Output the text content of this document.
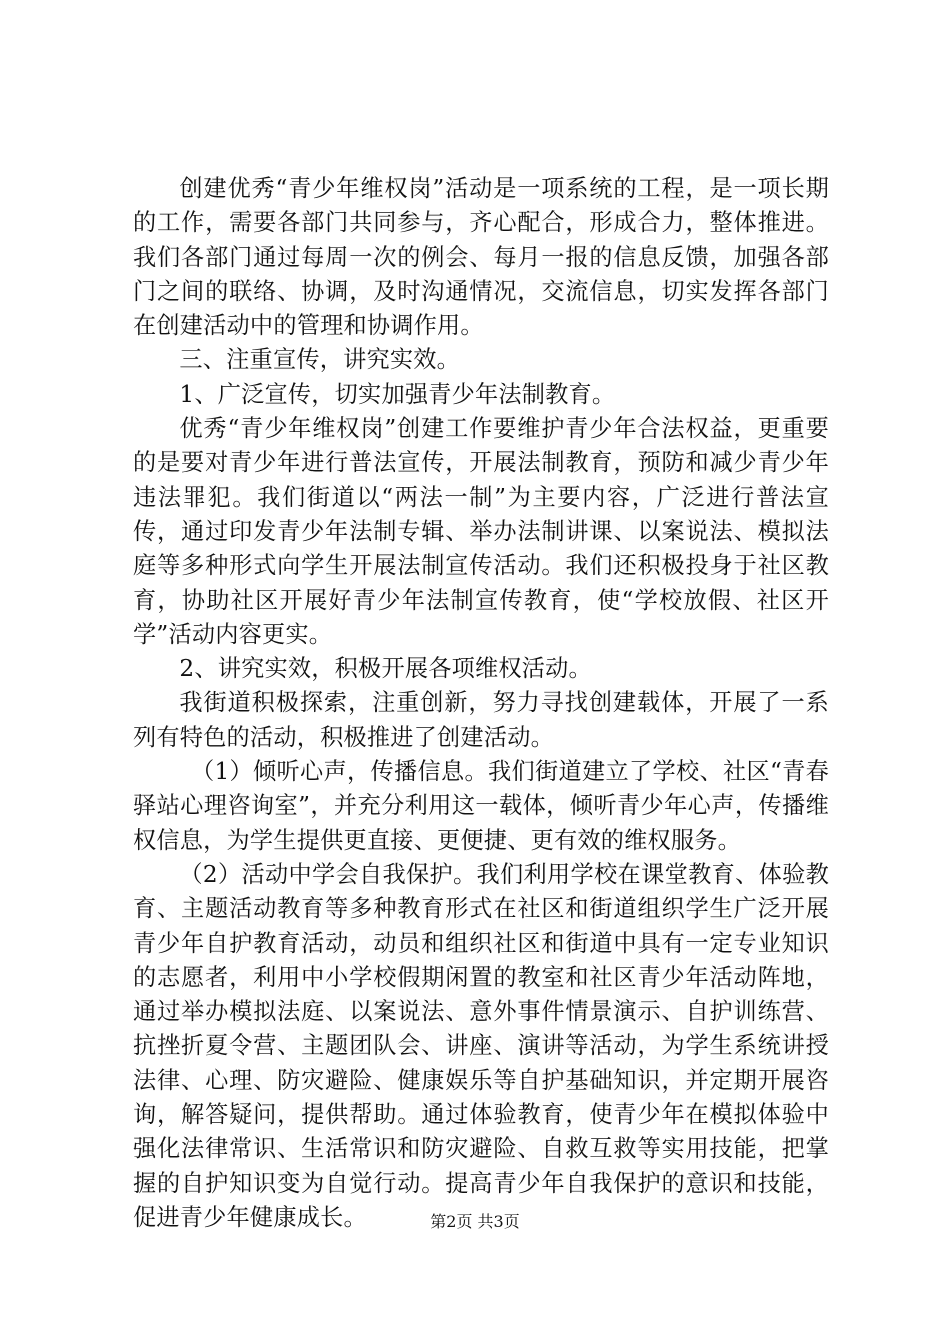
创建优秀“青少年维权岗”活动是一项系统的工程，是一项长期的工作，需要各部门共同参与，齐心配合，形成合力，整体推进。我们各部门通过每周一次的例会、每月一报的信息反馈，加强各部门之间的联络、协调，及时沟通情况，交流信息，切实发挥各部门在创建活动中的管理和协调作用。

三、注重宣传，讲究实效。

1、广泛宣传，切实加强青少年法制教育。

优秀“青少年维权岗”创建工作要维护青少年合法权益，更重要的是要对青少年进行普法宣传，开展法制教育，预防和减少青少年违法罪犯。我们街道以“两法一制”为主要内容，广泛进行普法宣传，通过印发青少年法制专辑、举办法制讲课、以案说法、模拟法庭等多种形式向学生开展法制宣传活动。我们还积极投身于社区教育，协助社区开展好青少年法制宣传教育，使“学校放假、社区开学”活动内容更实。

2、讲究实效，积极开展各项维权活动。

我街道积极探索，注重创新，努力寻找创建载体，开展了一系列有特色的活动，积极推进了创建活动。

（1）倾听心声，传播信息。我们街道建立了学校、社区“青春驿站心理咨询室”，并充分利用这一载体，倾听青少年心声，传播维权信息，为学生提供更直接、更便捷、更有效的维权服务。

（2）活动中学会自我保护。我们利用学校在课堂教育、体验教育、主题活动教育等多种教育形式在社区和街道组织学生广泛开展青少年自护教育活动，动员和组织社区和街道中具有一定专业知识的志愿者，利用中小学校假期闲置的教室和社区青少年活动阵地，通过举办模拟法庭、以案说法、意外事件情景演示、自护训练营、抗挫折夏令营、主题团队会、讲座、演讲等活动，为学生系统讲授法律、心理、防灾避险、健康娱乐等自护基础知识，并定期开展咨询，解答疑问，提供帮助。通过体验教育，使青少年在模拟体验中强化法律常识、生活常识和防灾避险、自救互救等实用技能，把掌握的自护知识变为自觉行动。提高青少年自我保护的意识和技能，促进青少年健康成长。	第2页 共3页
